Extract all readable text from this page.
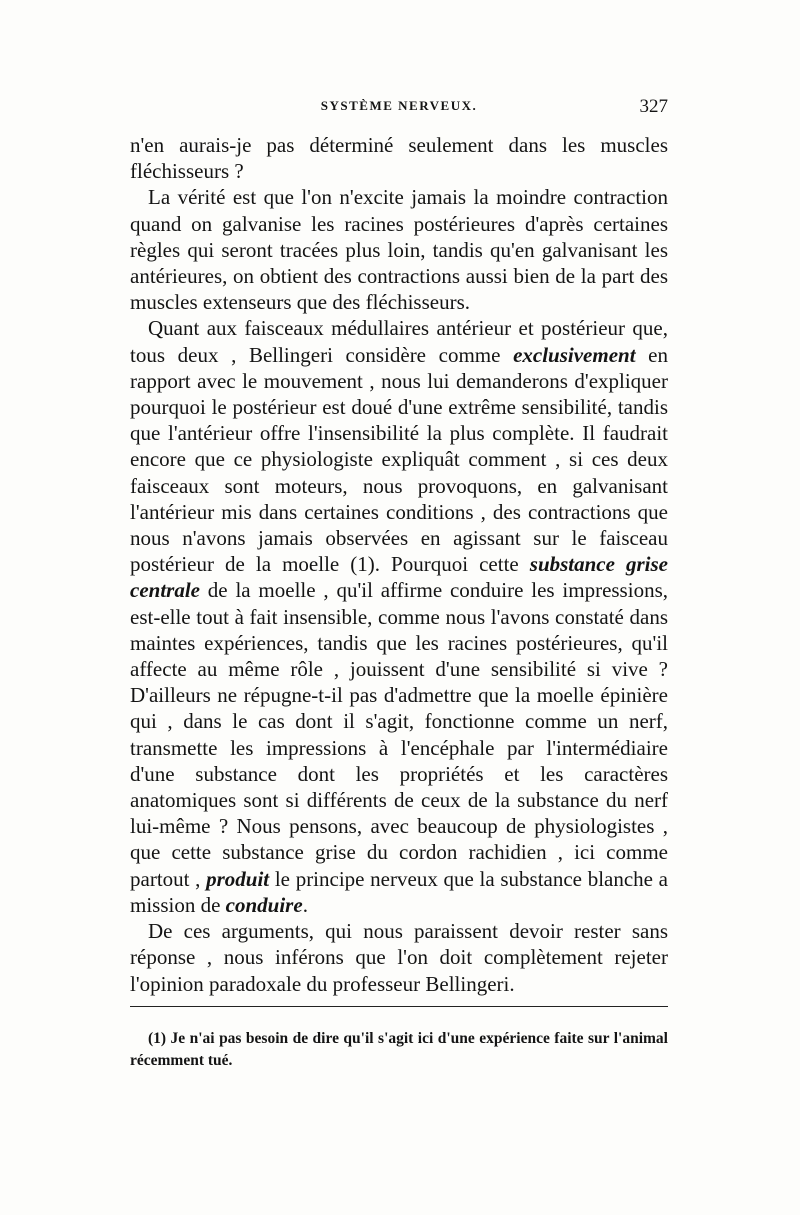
SYSTÈME NERVEUX.	327

n'en aurais-je pas déterminé seulement dans les muscles fléchisseurs ?

La vérité est que l'on n'excite jamais la moindre contraction quand on galvanise les racines postérieures d'après certaines règles qui seront tracées plus loin, tandis qu'en galvanisant les antérieures, on obtient des contractions aussi bien de la part des muscles extenseurs que des fléchisseurs.

Quant aux faisceaux médullaires antérieur et postérieur que, tous deux , Bellingeri considère comme exclusivement en rapport avec le mouvement , nous lui demanderons d'expliquer pourquoi le postérieur est doué d'une extrême sensibilité, tandis que l'antérieur offre l'insensibilité la plus complète. Il faudrait encore que ce physiologiste expliquât comment , si ces deux faisceaux sont moteurs, nous provoquons, en galvanisant l'antérieur mis dans certaines conditions , des contractions que nous n'avons jamais observées en agissant sur le faisceau postérieur de la moelle (1). Pourquoi cette substance grise centrale de la moelle , qu'il affirme conduire les impressions, est-elle tout à fait insensible, comme nous l'avons constaté dans maintes expériences, tandis que les racines postérieures, qu'il affecte au même rôle , jouissent d'une sensibilité si vive ? D'ailleurs ne répugne-t-il pas d'admettre que la moelle épinière qui , dans le cas dont il s'agit, fonctionne comme un nerf, transmette les impressions à l'encéphale par l'intermédiaire d'une substance dont les propriétés et les caractères anatomiques sont si différents de ceux de la substance du nerf lui-même ? Nous pensons, avec beaucoup de physiologistes , que cette substance grise du cordon rachidien , ici comme partout , produit le principe nerveux que la substance blanche a mission de conduire.

De ces arguments, qui nous paraissent devoir rester sans réponse , nous inférons que l'on doit complètement rejeter l'opinion paradoxale du professeur Bellingeri.

(1) Je n'ai pas besoin de dire qu'il s'agit ici d'une expérience faite sur l'animal récemment tué.
